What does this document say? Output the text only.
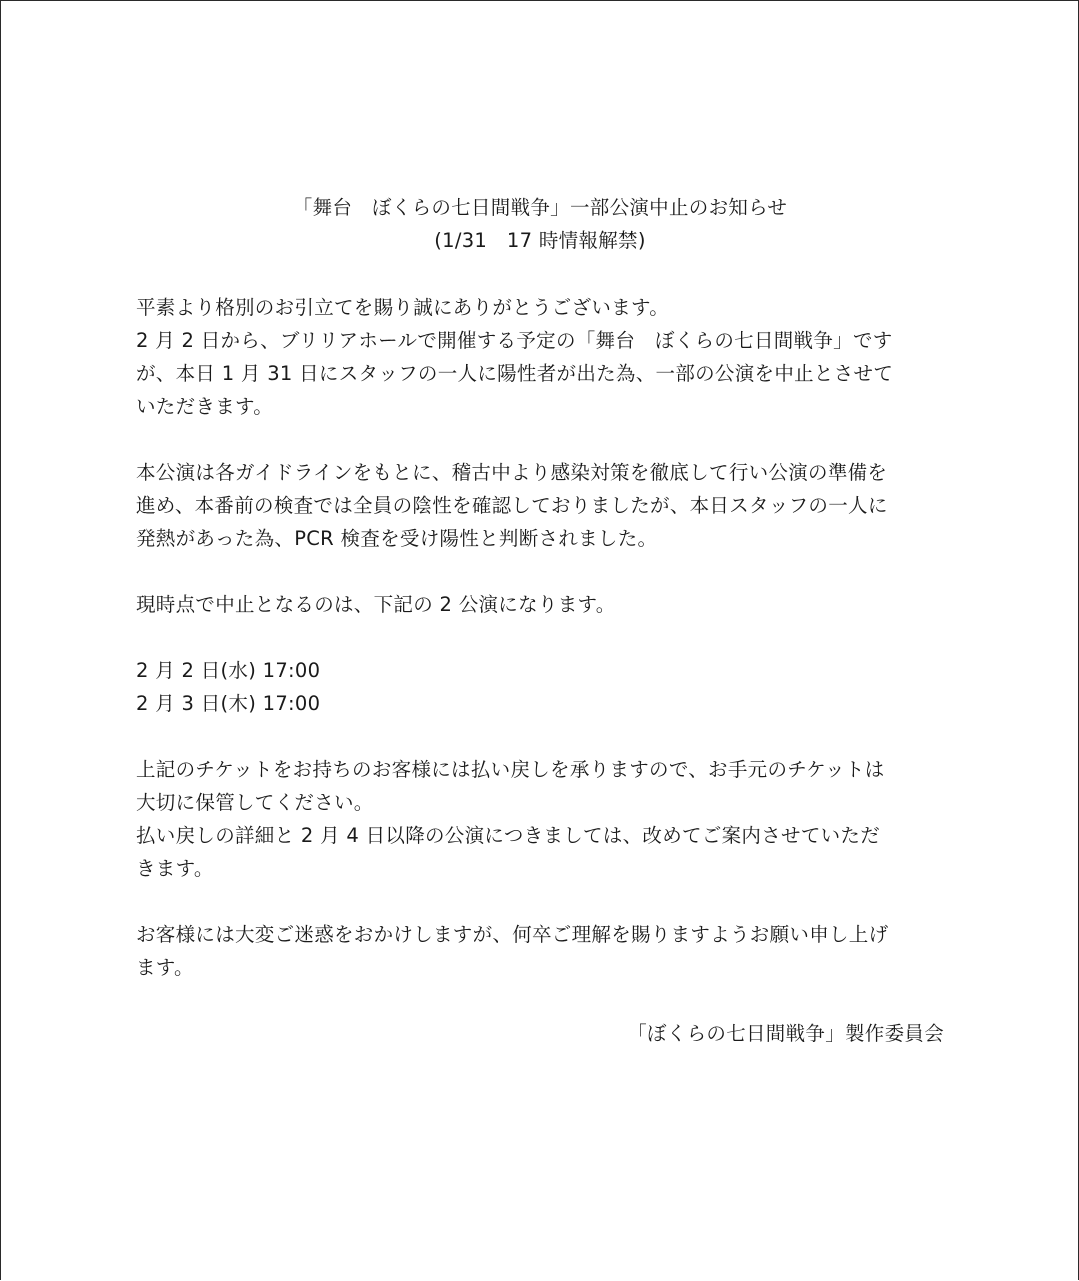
「舞台　ぼくらの七日間戦争」一部公演中止のお知らせ
(1/31　17 時情報解禁)
平素より格別のお引立てを賜り誠にありがとうございます。
2 月 2 日から、ブリリアホールで開催する予定の「舞台　ぼくらの七日間戦争」です
が、本日 1 月 31 日にスタッフの一人に陽性者が出た為、一部の公演を中止とさせて
いただきます。
本公演は各ガイドラインをもとに、稽古中より感染対策を徹底して行い公演の準備を
進め、本番前の検査では全員の陰性を確認しておりましたが、本日スタッフの一人に
発熱があった為、PCR 検査を受け陽性と判断されました。
現時点で中止となるのは、下記の 2 公演になります。
2 月 2 日(水) 17:00
2 月 3 日(木) 17:00
上記のチケットをお持ちのお客様には払い戻しを承りますので、お手元のチケットは
大切に保管してください。
払い戻しの詳細と 2 月 4 日以降の公演につきましては、改めてご案内させていただ
きます。
お客様には大変ご迷惑をおかけしますが、何卒ご理解を賜りますようお願い申し上げ
ます。
「ぼくらの七日間戦争」製作委員会
